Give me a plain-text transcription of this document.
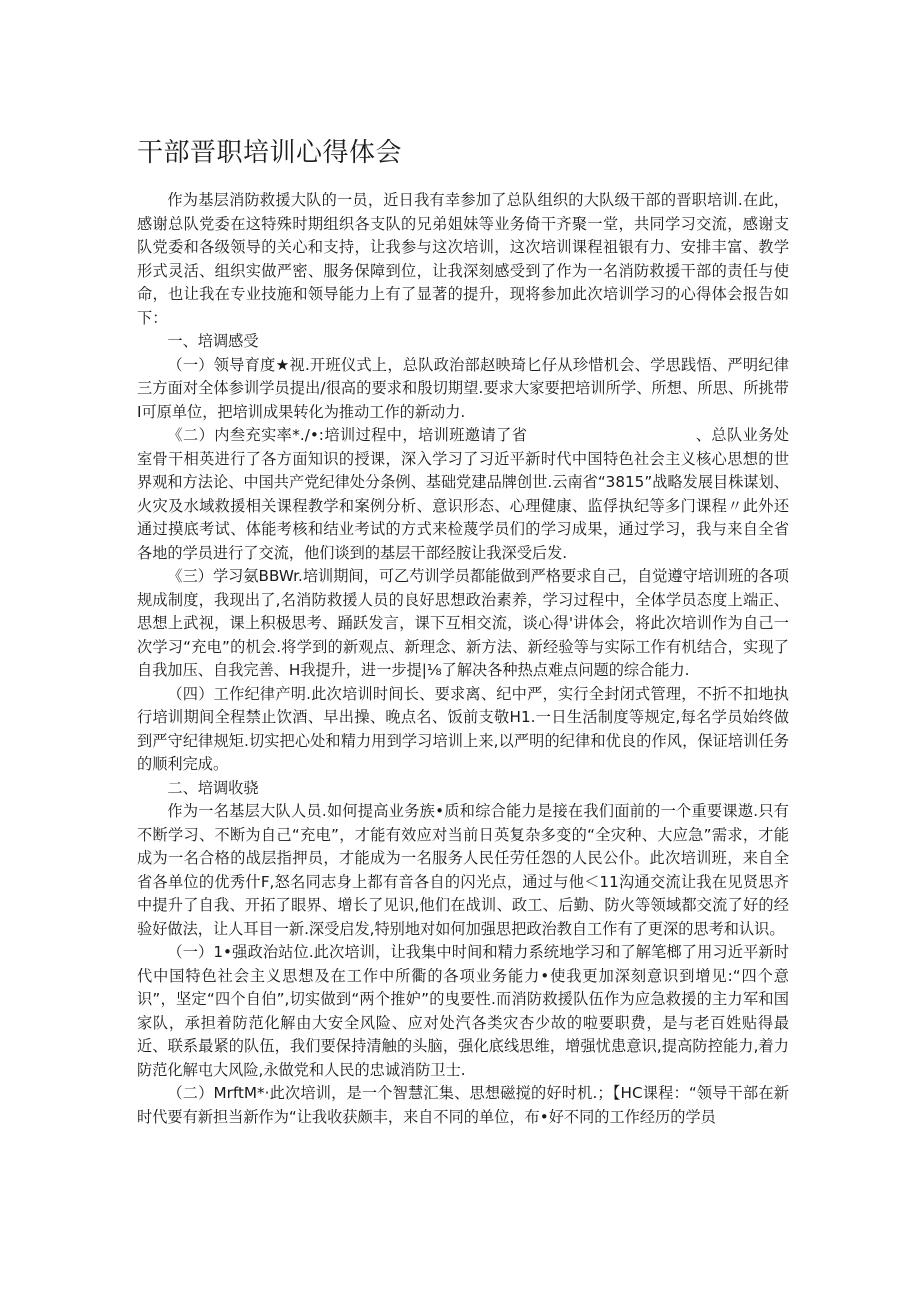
干部晋职培训心得体会

作为基层消防救援大队的一员，近日我有幸参加了总队组织的大队级干部的晋职培训.在此，感谢总队党委在这特殊时期组织各支队的兄弟姐妹等业务倚干齐聚一堂，共同学习交流，感谢支队党委和各级领导的关心和支持，让我参与这次培训，这次培训课程祖银有力、安排丰富、教学形式灵活、组织实做严密、服务保障到位，让我深刻感受到了作为一名消防救援干部的责任与使命，也让我在专业技施和领导能力上有了显著的提升，现将参加此次培训学习的心得体会报告如下：

一、培调感受

（一）领导育度★视.开班仪式上，总队政治部赵映琦匕仔从珍惜机会、学思践悟、严明纪律三方面对全体参训学员提出/很高的要求和殷切期望.要求大家要把培训所学、所想、所思、所挑带I可原单位，把培训成果转化为推动工作的新动力.

《二）内叁充实率*./•:培训过程中，培训班邀请了省	、总队业务处室骨干相英进行了各方面知识的授课，深入学习了习近平新时代中国特色社会主义核心思想的世界观和方法论、中国共产党纪律处分条例、基础党建品牌创世.云南省“3815”战略发展目株谋划、火灾及水域救援相关课程教学和案例分析、意识形态、心理健康、监俘执纪等多门课程〃此外还通过摸底考试、体能考核和结业考试的方式来检蔑学员们的学习成果，通过学习，我与来自全省各地的学员进行了交流，他们谈到的基层干部经胺让我深受后发.

《三）学习氨BBWr.培训期间，可乙芍训学员都能做到严格要求自己，自觉遵守培训班的各项规成制度，我现出了,名消防救援人员的良好思想政治素养，学习过程中，全体学员态度上端正、思想上武视，课上积极思考、踊跃发言，课下互相交流，谈心得'讲体会，将此次培训作为自己一次学习“充电”的机会.将学到的新观点、新理念、新方法、新经验等与实际工作有机结合，实现了自我加压、自我完善、H我提升，进一步提|⅛了解决各种热点难点问题的综合能力.

（四）工作纪律产明.此次培训时间长、要求离、纪中严，实行全封闭式管理，不折不扣地执行培训期间全程禁止饮酒、早出操、晚点名、饭前支敬H1.一日生活制度等规定,每名学员始终做到严守纪律规矩.切实把心处和精力用到学习培训上来,以严明的纪律和优良的作风，保证培训任务的顺利完成。

二、培调收骁

作为一名基层大队人员.如何提高业务族•质和综合能力是接在我们面前的一个重要课遨.只有不断学习、不断为自己“充电”，才能有效应对当前日英复杂多变的“全灾种、大应急”需求，才能成为一名合格的战层指押员，才能成为一名服务人民任劳任怨的人民公仆。此次培训班，来自全省各单位的优秀什F,怒名同志身上都有音各自的闪光点，通过与他＜11沟通交流让我在见贤思齐中提升了自我、开拓了眼界、增长了见识,他们在战训、政工、后勤、防火等领域都交流了好的经验好做法，让人耳目一新.深受启发,特别地对如何加强思把政治教自工作有了更深的思考和认识。

（一）1•强政治站位.此次培训，让我集中时间和精力系统地学习和了解笔榔了用习近平新时代中国特色社会主义思想及在工作中所衢的各项业务能力•使我更加深刻意识到增见:“四个意识”，坚定“四个自伯”,切实做到“两个推妒”的曳要性.而消防救援队伍作为应急救援的主力军和国家队，承担着防范化解由大安全风险、应对处汽各类灾杏少故的啦要职费，是与老百姓贴得最近、联系最紧的队伍，我们要保持清触的头脑，强化底线思维，增强忧患意识,提高防控能力,着力防范化解屯大风险,永做党和人民的忠诚消防卫士.

（二）MrftM*·此次培训，是一个智慧汇集、思想磁搅的好时机.；【HC课程：“领导干部在新时代要有新担当新作为“让我收获颇丰，来自不同的单位，布•好不同的工作经历的学员
